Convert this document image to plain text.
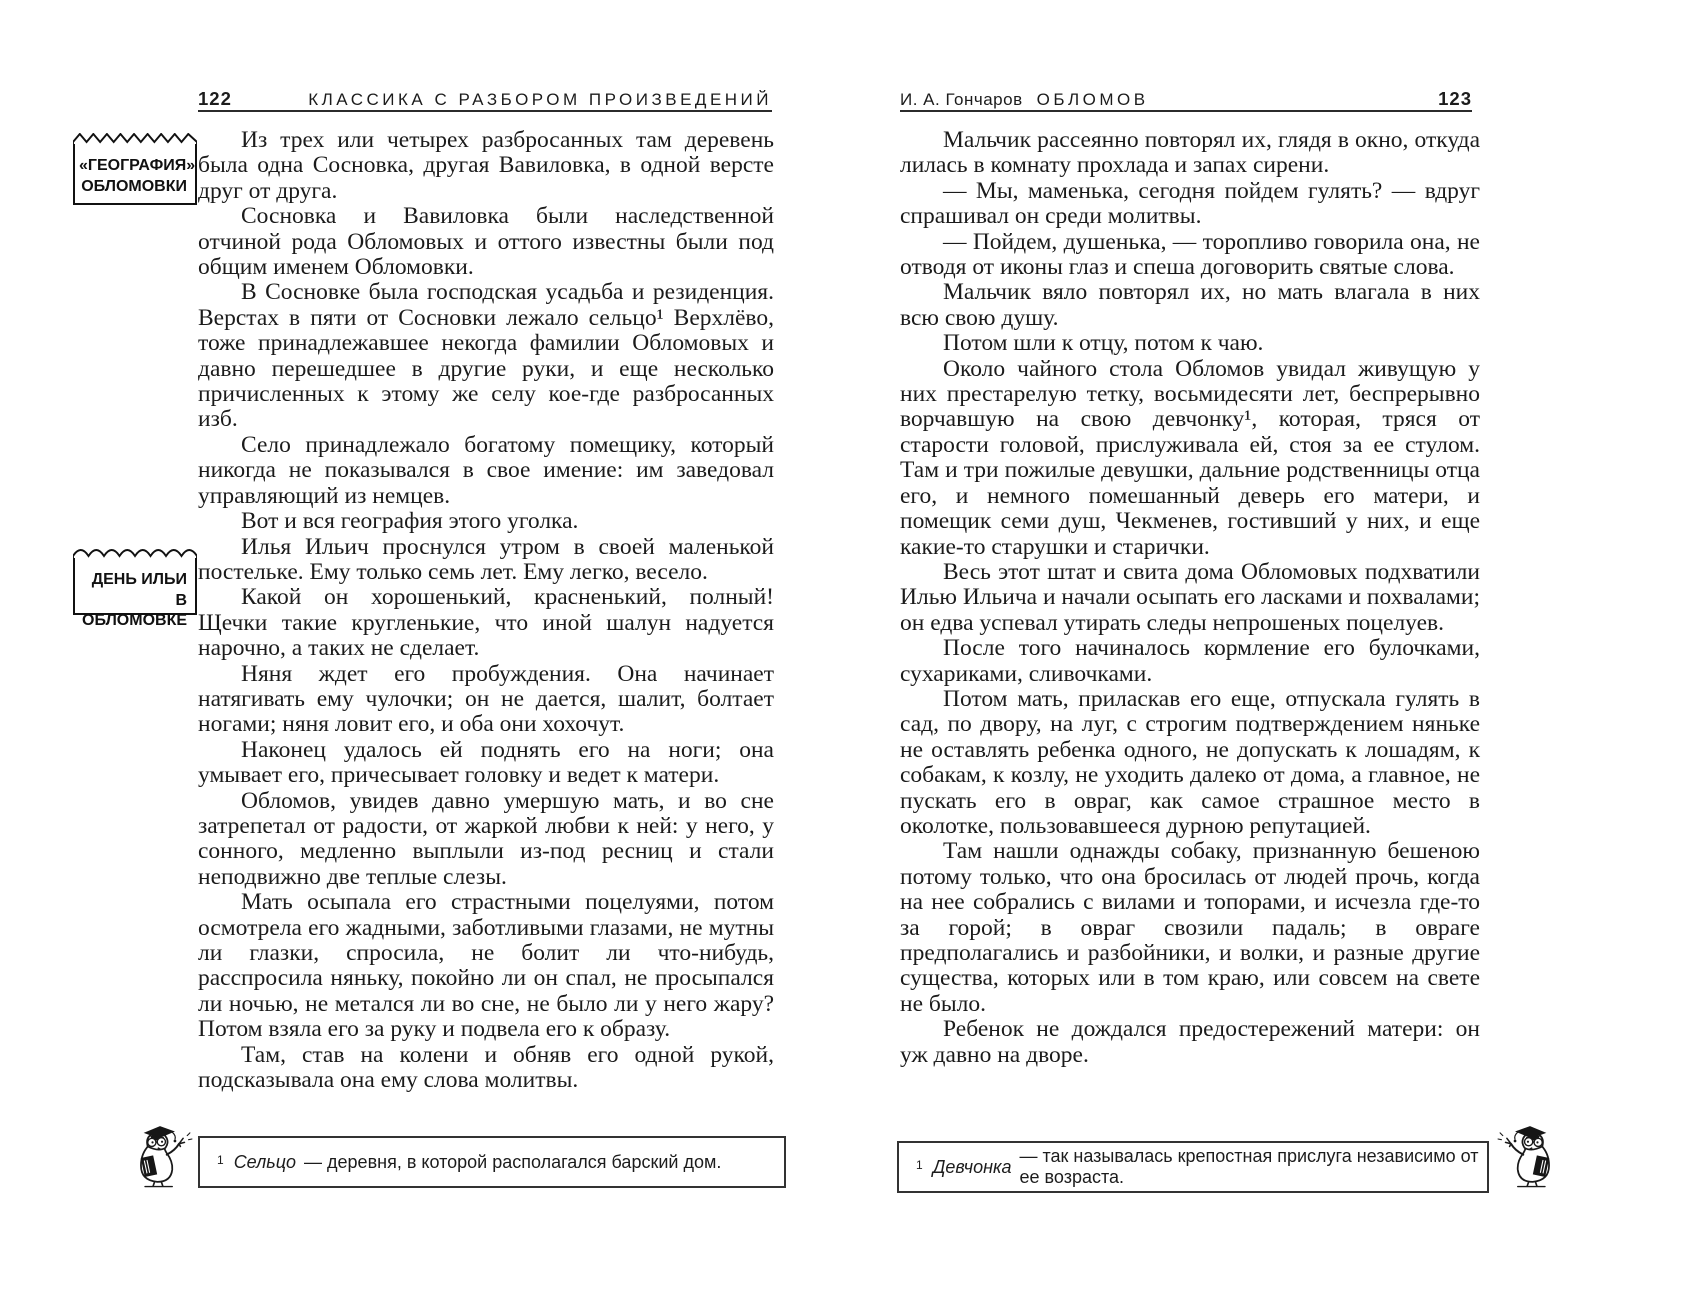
122	КЛАССИКА С РАЗБОРОМ ПРОИЗВЕДЕНИЙ
«ГЕОГРАФИЯ»
ОБЛОМОВКИ
ДЕНЬ ИЛЬИ
В ОБЛОМОВКЕ

Из трех или четырех разбросанных там деревень была одна Сосновка, другая Вавиловка, в одной версте друг от друга.

Сосновка и Вавиловка были наследственной отчиной рода Обломовых и оттого известны были под общим именем Обломовки.

В Сосновке была господская усадьба и резиденция. Верстах в пяти от Сосновки лежало сельцо¹ Верхлёво, тоже принадлежавшее некогда фамилии Обломовых и давно перешедшее в другие руки, и еще несколько причисленных к этому же селу кое-где разбросанных изб.

Село принадлежало богатому помещику, который никогда не показывался в свое имение: им заведовал управляющий из немцев.

Вот и вся география этого уголка.

Илья Ильич проснулся утром в своей маленькой постельке. Ему только семь лет. Ему легко, весело.

Какой он хорошенький, красненький, полный! Щечки такие кругленькие, что иной шалун надуется нарочно, а таких не сделает.

Няня ждет его пробуждения. Она начинает натягивать ему чулочки; он не дается, шалит, болтает ногами; няня ловит его, и оба они хохочут.

Наконец удалось ей поднять его на ноги; она умывает его, причесывает головку и ведет к матери.

Обломов, увидев давно умершую мать, и во сне затрепетал от радости, от жаркой любви к ней: у него, у сонного, медленно выплыли из-под ресниц и стали неподвижно две теплые слезы.

Мать осыпала его страстными поцелуями, потом осмотрела его жадными, заботливыми глазами, не мутны ли глазки, спросила, не болит ли что-нибудь, расспросила няньку, покойно ли он спал, не просыпался ли ночью, не метался ли во сне, не было ли у него жару? Потом взяла его за руку и подвела его к образу.

Там, став на колени и обняв его одной рукой, подсказывала она ему слова молитвы.

$^1$ Сельцо — деревня, в которой располагался барский дом.
И. А. Гончаров ОБЛОМОВ	123

Мальчик рассеянно повторял их, глядя в окно, откуда лилась в комнату прохлада и запах сирени.

— Мы, маменька, сегодня пойдем гулять? — вдруг спрашивал он среди молитвы.

— Пойдем, душенька, — торопливо говорила она, не отводя от иконы глаз и спеша договорить святые слова.

Мальчик вяло повторял их, но мать влагала в них всю свою душу.

Потом шли к отцу, потом к чаю.

Около чайного стола Обломов увидал живущую у них престарелую тетку, восьмидесяти лет, беспрерывно ворчавшую на свою девчонку¹, которая, тряся от старости головой, прислуживала ей, стоя за ее стулом. Там и три пожилые девушки, дальние родственницы отца его, и немного помешанный деверь его матери, и помещик семи душ, Чекменев, гостивший у них, и еще какие-то старушки и старички.

Весь этот штат и свита дома Обломовых подхватили Илью Ильича и начали осыпать его ласками и похвалами; он едва успевал утирать следы непрошеных поцелуев.

После того начиналось кормление его булочками, сухариками, сливочками.

Потом мать, приласкав его еще, отпускала гулять в сад, по двору, на луг, с строгим подтверждением няньке не оставлять ребенка одного, не допускать к лошадям, к собакам, к козлу, не уходить далеко от дома, а главное, не пускать его в овраг, как самое страшное место в околотке, пользовавшееся дурною репутацией.

Там нашли однажды собаку, признанную бешеною потому только, что она бросилась от людей прочь, когда на нее собрались с вилами и топорами, и исчезла где-то за горой; в овраг свозили падаль; в овраге предполагались и разбойники, и волки, и разные другие существа, которых или в том краю, или совсем на свете не было.

Ребенок не дождался предостережений матери: он уж давно на дворе.

$^1$ Девчонка
— так называлась крепостная прислуга независимо от ее возраста.
